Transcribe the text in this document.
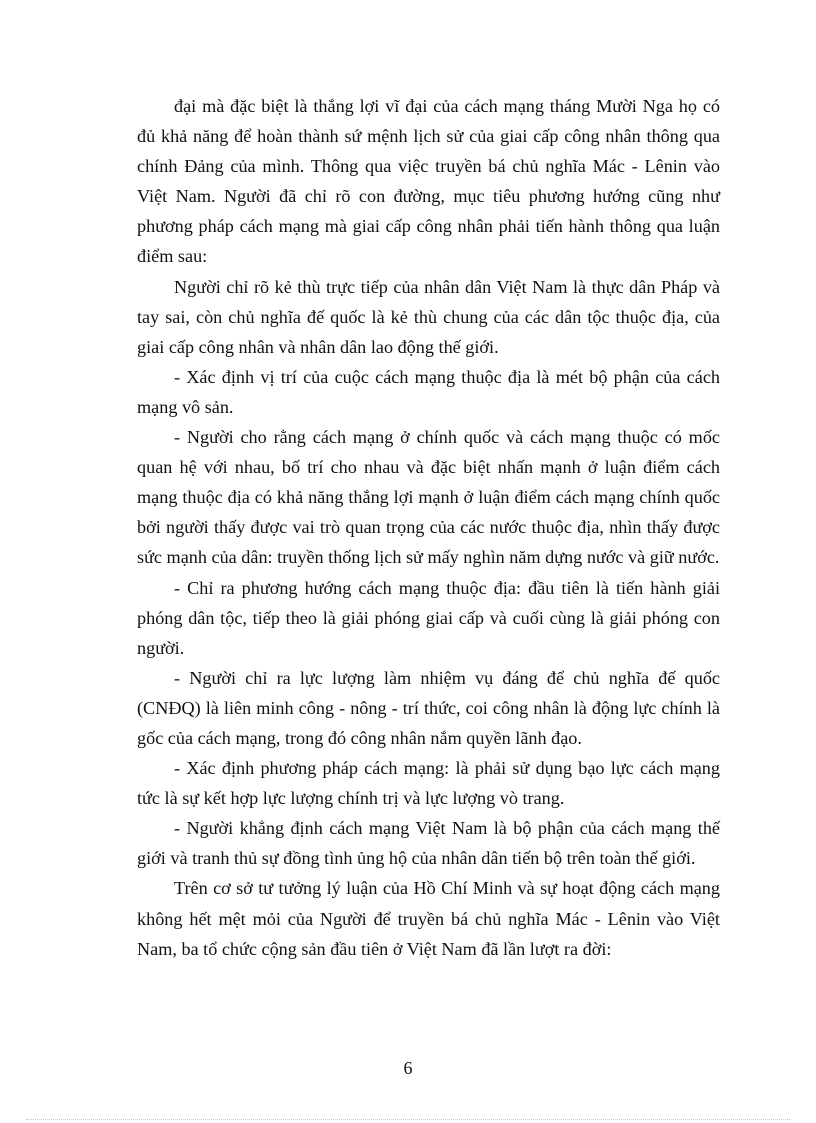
đại mà đặc biệt là thắng lợi vĩ đại của cách mạng tháng Mười Nga họ có đủ khả năng để hoàn thành sứ mệnh lịch sử của giai cấp công nhân thông qua chính Đảng của mình. Thông qua việc truyền bá chủ nghĩa Mác - Lênin vào Việt Nam. Người đã chỉ rõ con đường, mục tiêu phương hướng cũng như phương pháp cách mạng mà giai cấp công nhân phải tiến hành thông qua luận điểm sau:

Người chỉ rõ kẻ thù trực tiếp của nhân dân Việt Nam là thực dân Pháp và tay sai, còn chủ nghĩa đế quốc là kẻ thù chung của các dân tộc thuộc địa, của giai cấp công nhân và nhân dân lao động thế giới.

- Xác định vị trí của cuộc cách mạng thuộc địa là mét bộ phận của cách mạng vô sản.

- Người cho rằng cách mạng ở chính quốc và cách mạng thuộc có mốc quan hệ với nhau, bố trí cho nhau và đặc biệt nhấn mạnh ở luận điểm cách mạng thuộc địa có khả năng thắng lợi mạnh ở luận điểm cách mạng chính quốc bởi người thấy được vai trò quan trọng của các nước thuộc địa, nhìn thấy được sức mạnh của dân: truyền thống lịch sử mấy nghìn năm dựng nước và giữ nước.

- Chỉ ra phương hướng cách mạng thuộc địa: đầu tiên là tiến hành giải phóng dân tộc, tiếp theo là giải phóng giai cấp và cuối cùng là giải phóng con người.

- Người chỉ ra lực lượng làm nhiệm vụ đáng để chủ nghĩa đế quốc (CNĐQ) là liên minh công - nông - trí thức, coi công nhân là động lực chính là gốc của cách mạng, trong đó công nhân nắm quyền lãnh đạo.

- Xác định phương pháp cách mạng: là phải sử dụng bạo lực cách mạng tức là sự kết hợp lực lượng chính trị và lực lượng vò trang.

- Người khẳng định cách mạng Việt Nam là bộ phận của cách mạng thế giới và tranh thủ sự đồng tình ủng hộ của nhân dân tiến bộ trên toàn thế giới.

Trên cơ sở tư tưởng lý luận của Hồ Chí Minh và sự hoạt động cách mạng không hết mệt mỏi của Người để truyền bá chủ nghĩa Mác - Lênin vào Việt Nam, ba tổ chức cộng sản đầu tiên ở Việt Nam đã lần lượt ra đời:

6
